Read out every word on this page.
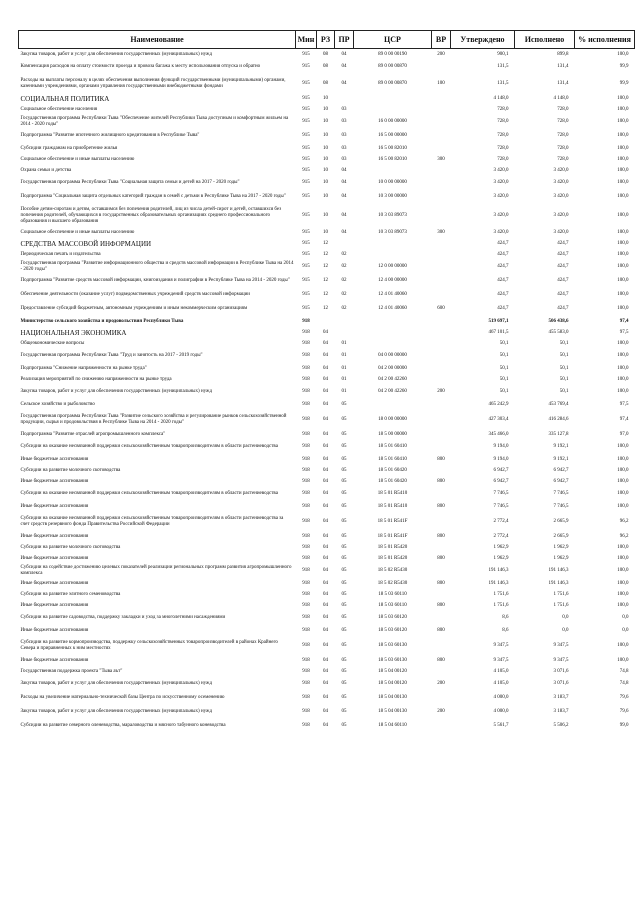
Наименование	Мин	РЗ	ПР	ЦСР	ВР	Утверждено	Исполнено	% исполнения
Закупка товаров, работ и услуг для обеспечения государственных (муниципальных) нужд	915	08	04	89 0 00 00190	200	900,1	899,8	100,0
Компенсация расходов на оплату стоимости проезда и провоза багажа к месту использования отпуска и обратно	915	08	04	89 0 00 00870		131,5	131,4	99,9
Расходы на выплаты персоналу в целях обеспечения выполнения функций государственными (муниципальными) органами, казенными учреждениями, органами управления государственными внебюджетными фондами	915	08	04	89 0 00 00870	100	131,5	131,4	99,9
СОЦИАЛЬНАЯ ПОЛИТИКА	915	10				4 148,0	4 148,0	100,0
Социальное обеспечение населения	915	10	03			728,0	728,0	100,0
Государственная программа Республики Тыва "Обеспечение жителей Республики Тыва доступным и комфортным жильем на 2014 - 2020 годы"	915	10	03	16 0 00 00000		728,0	728,0	100,0
Подпрограмма "Развитие ипотечного жилищного кредитования в Республике Тыва"	915	10	03	16 5 00 00000		728,0	728,0	100,0
Субсидии гражданам на приобретение жилья	915	10	03	16 5 00 82010		728,0	728,0	100,0
Социальное обеспечение и иные выплаты населению	915	10	03	16 5 00 82010	300	728,0	728,0	100,0
Охрана семьи и детства	915	10	04			3 420,0	3 420,0	100,0
Государственная программа Республики Тыва "Социальная защита семьи и детей на 2017 - 2020 годы"	915	10	04	10 0 00 00000		3 420,0	3 420,0	100,0
Подпрограмма "Социальная защита отдельных категорий граждан в семей с детьми в Республике Тыва на 2017 - 2020 годы"	915	10	04	10 3 00 00000		3 420,0	3 420,0	100,0
Пособие детям-сиротам и детям, оставшимся без попечения родителей, лиц из числа детей-сирот и детей, оставшихся без попечения родителей, обучающихся в государственных образовательных организациях среднего профессионального образования и высшего образования	915	10	04	10 3 03 89073		3 420,0	3 420,0	100,0
Социальное обеспечение и иные выплаты населению	915	10	04	10 3 03 89073	300	3 420,0	3 420,0	100,0
СРЕДСТВА МАССОВОЙ ИНФОРМАЦИИ	915	12				424,7	424,7	100,0
Периодическая печать и издательства	915	12	02			424,7	424,7	100,0
Государственная программа "Развитие информационного общества и средств массовой информации в Республике Тыва на 2014 - 2020 годы"	915	12	02	12 0 00 00000		424,7	424,7	100,0
Подпрограмма "Развитие средств массовой информации, книгоиздания и полиграфии в Республике Тыва на 2014 - 2020 годы"	915	12	02	12 4 00 00000		424,7	424,7	100,0
Обеспечение деятельности (оказание услуг) подведомственных учреждений средств массовой информации	915	12	02	12 4 01 40060		424,7	424,7	100,0
Предоставление субсидий бюджетным, автономным учреждениям и иным некоммерческим организациям	915	12	02	12 4 01 40060	600	424,7	424,7	100,0
Министерство сельского хозяйства и продовольствия Республики Тыва	918					519 697,1	506 438,6	97,4
НАЦИОНАЛЬНАЯ ЭКОНОМИКА	918	04				467 101,5	455 583,0	97,5
Общеэкономические вопросы	918	04	01			50,1	50,1	100,0
Государственная программа Республики Тыва "Труд и занятость на 2017 - 2019 годы"	918	04	01	04 0 00 00000		50,1	50,1	100,0
Подпрограмма "Снижение напряженности на рынке труда"	918	04	01	04 2 00 00000		50,1	50,1	100,0
Реализация мероприятий по снижению напряженности на рынке труда	918	04	01	04 2 00 42260		50,1	50,1	100,0
Закупка товаров, работ и услуг для обеспечения государственных (муниципальных) нужд	918	04	01	04 2 00 42260	200	50,1	50,1	100,0
Сельское хозяйство и рыболовство	918	04	05			465 242,9	453 769,4	97,5
Государственная программа Республики Тыва "Развитие сельского хозяйства и регулирование рынков сельскохозяйственной продукции, сырья и продовольствия в Республике Тыва на 2014 - 2020 годы"	918	04	05	18 0 00 00000		427 303,4	416 284,6	97,4
Подпрограмма "Развитие отраслей агропромышленного комплекса"	918	04	05	18 5 00 00000		345 466,0	335 127,8	97,0
Субсидии на оказание несвязанной поддержки сельскохозяйственным товаропроизводителям в области растениеводства	918	04	05	18 5 01 60410		9 194,0	9 192,1	100,0
Иные бюджетные ассигнования	918	04	05	18 5 01 60410	800	9 194,0	9 192,1	100,0
Субсидии на развитие молочного скотоводства	918	04	05	18 5 01 60420		6 942,7	6 942,7	100,0
Иные бюджетные ассигнования	918	04	05	18 5 01 60420	800	6 942,7	6 942,7	100,0
Субсидии на оказание несвязанной поддержки сельскохозяйственным товаропроизводителям в области растениеводства	918	04	05	18 5 01 R5410		7 746,5	7 746,5	100,0
Иные бюджетные ассигнования	918	04	05	18 5 01 R5410	800	7 746,5	7 746,5	100,0
Субсидии на оказание несвязанной поддержки сельскохозяйственным товаропроизводителям в области растениеводства за счет средств резервного фонда Правительства Российской Федерации	918	04	05	18 5 01 R541F		2 772,4	2 665,9	96,2
Иные бюджетные ассигнования	918	04	05	18 5 01 R541F	800	2 772,4	2 665,9	96,2
Субсидии на развитие молочного скотоводства	918	04	05	18 5 01 R5420		1 962,9	1 962,9	100,0
Иные бюджетные ассигнования	918	04	05	18 5 01 R5420	800	1 962,9	1 962,9	100,0
Субсидии на содействие достижению целевых показателей реализации региональных программ развития агропромышленного комплекса	918	04	05	18 5 02 R5430		191 146,3	191 146,3	100,0
Иные бюджетные ассигнования	918	04	05	18 5 02 R5430	800	191 146,3	191 146,3	100,0
Субсидии на развитие элитного семеноводства	918	04	05	18 5 03 60110		1 751,6	1 751,6	100,0
Иные бюджетные ассигнования	918	04	05	18 5 03 60110	800	1 751,6	1 751,6	100,0
Субсидии на развитие садоводства, поддержку закладки и уход за многолетними насаждениями	918	04	05	18 5 03 60120		8,6	0,0	0,0
Иные бюджетные ассигнования	918	04	05	18 5 03 60120	800	8,6	0,0	0,0
Субсидии на развитие кормопроизводства, поддержку сельскохозяйственных товаропроизводителей в районах Крайнего Севера и приравненных к ним местностях	918	04	05	18 5 03 60130		9 347,5	9 347,5	100,0
Иные бюджетные ассигнования	918	04	05	18 5 03 60130	800	9 347,5	9 347,5	100,0
Государственная поддержка проекта "Тыва аът"	918	04	05	18 5 04 00120		4 105,0	3 071,6	74,8
Закупка товаров, работ и услуг для обеспечения государственных (муниципальных) нужд	918	04	05	18 5 04 00120	200	4 105,0	3 071,6	74,8
Расходы на увеличение материально-технической базы Центра по искусственному осеменению	918	04	05	18 5 04 00130		4 000,0	3 183,7	79,6
Закупка товаров, работ и услуг для обеспечения государственных (муниципальных) нужд	918	04	05	18 5 04 00130	200	4 000,0	3 183,7	79,6
Субсидии на развитие северного оленеводства, мараловодства и мясного табунного коневодства	918	04	05	18 5 04 60110		5 561,7	5 506,2	99,0
